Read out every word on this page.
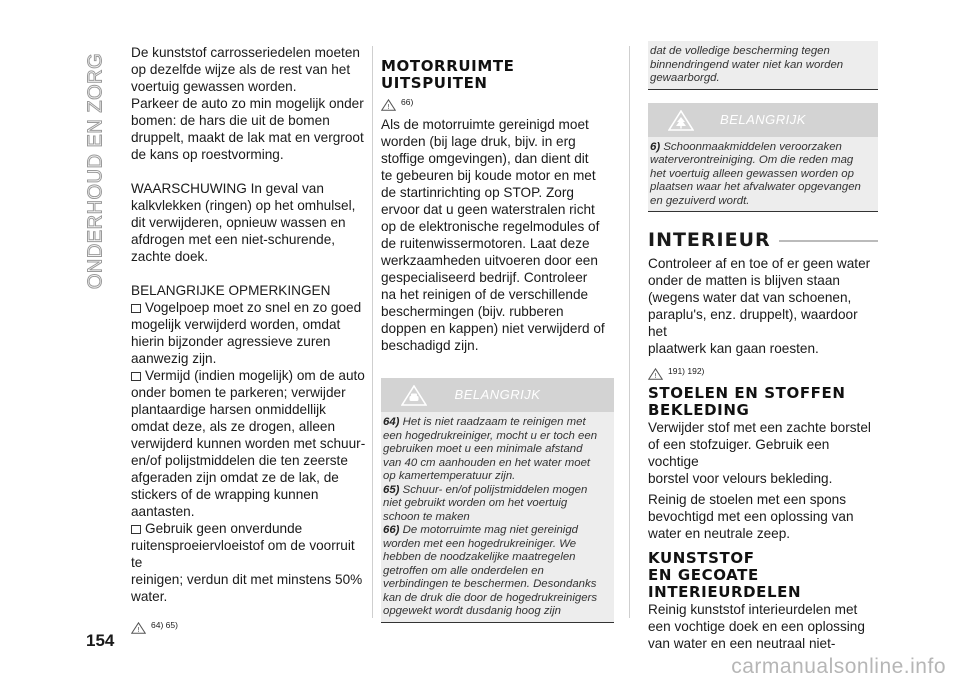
ONDERHOUD EN ZORG
154
carmanualsonline.info
De kunststof carrosseriedelen moeten
op dezelfde wijze als de rest van het
voertuig gewassen worden.
Parkeer de auto zo min mogelijk onder
bomen: de hars die uit de bomen
druppelt, maakt de lak mat en vergroot
de kans op roestvorming.
WAARSCHUWING In geval van
kalkvlekken (ringen) op het omhulsel,
dit verwijderen, opnieuw wassen en
afdrogen met een niet-schurende,
zachte doek.

BELANGRIJKE OPMERKINGEN

Vogelpoep moet zo snel en zo goed
mogelijk verwijderd worden, omdat
hierin bijzonder agressieve zuren
aanwezig zijn.
Vermijd (indien mogelijk) om de auto
onder bomen te parkeren; verwijder
plantaardige harsen onmiddellijk
omdat deze, als ze drogen, alleen
verwijderd kunnen worden met schuur-
en/of polijstmiddelen die ten zeerste
afgeraden zijn omdat ze de lak, de
stickers of de wrapping kunnen
aantasten.
Gebruik geen onverdunde
ruitensproeiervloeistof om de voorruit te
reinigen; verdun dit met minstens 50%
water.
! 64) 65)
MOTORRUIMTE
UITSPUITEN
! 66)
Als de motorruimte gereinigd moet
worden (bij lage druk, bijv. in erg
stoffige omgevingen), dan dient dit
te gebeuren bij koude motor en met
de startinrichting op STOP. Zorg
ervoor dat u geen waterstralen richt
op de elektronische regelmodules of
de ruitenwissermotoren. Laat deze
werkzaamheden uitvoeren door een
gespecialiseerd bedrijf. Controleer
na het reinigen of de verschillende
beschermingen (bijv. rubberen
doppen en kappen) niet verwijderd of
beschadigd zijn.
BELANGRIJK
64) Het is niet raadzaam te reinigen met
een hogedrukreiniger, mocht u er toch een
gebruiken moet u een minimale afstand
van 40 cm aanhouden en het water moet
op kamertemperatuur zijn.
65) Schuur- en/of polijstmiddelen mogen
niet gebruikt worden om het voertuig
schoon te maken
66) De motorruimte mag niet gereinigd
worden met een hogedrukreiniger. We
hebben de noodzakelijke maatregelen
getroffen om alle onderdelen en
verbindingen te beschermen. Desondanks
kan de druk die door de hogedrukreinigers
opgewekt wordt dusdanig hoog zijn
dat de volledige bescherming tegen
binnendringend water niet kan worden
gewaarborgd.
BELANGRIJK
6) Schoonmaakmiddelen veroorzaken
waterverontreiniging. Om die reden mag
het voertuig alleen gewassen worden op
plaatsen waar het afvalwater opgevangen
en gezuiverd wordt.
INTERIEUR
Controleer af en toe of er geen water
onder de matten is blijven staan
(wegens water dat van schoenen,
paraplu's, enz. druppelt), waardoor het
plaatwerk kan gaan roesten.
! 191) 192)
STOELEN EN STOFFEN
BEKLEDING
Verwijder stof met een zachte borstel
of een stofzuiger. Gebruik een vochtige
borstel voor velours bekleding.
Reinig de stoelen met een spons
bevochtigd met een oplossing van
water en neutrale zeep.
KUNSTSTOF
EN GECOATE
INTERIEURDELEN
Reinig kunststof interieurdelen met
een vochtige doek en een oplossing
van water en een neutraal niet-
